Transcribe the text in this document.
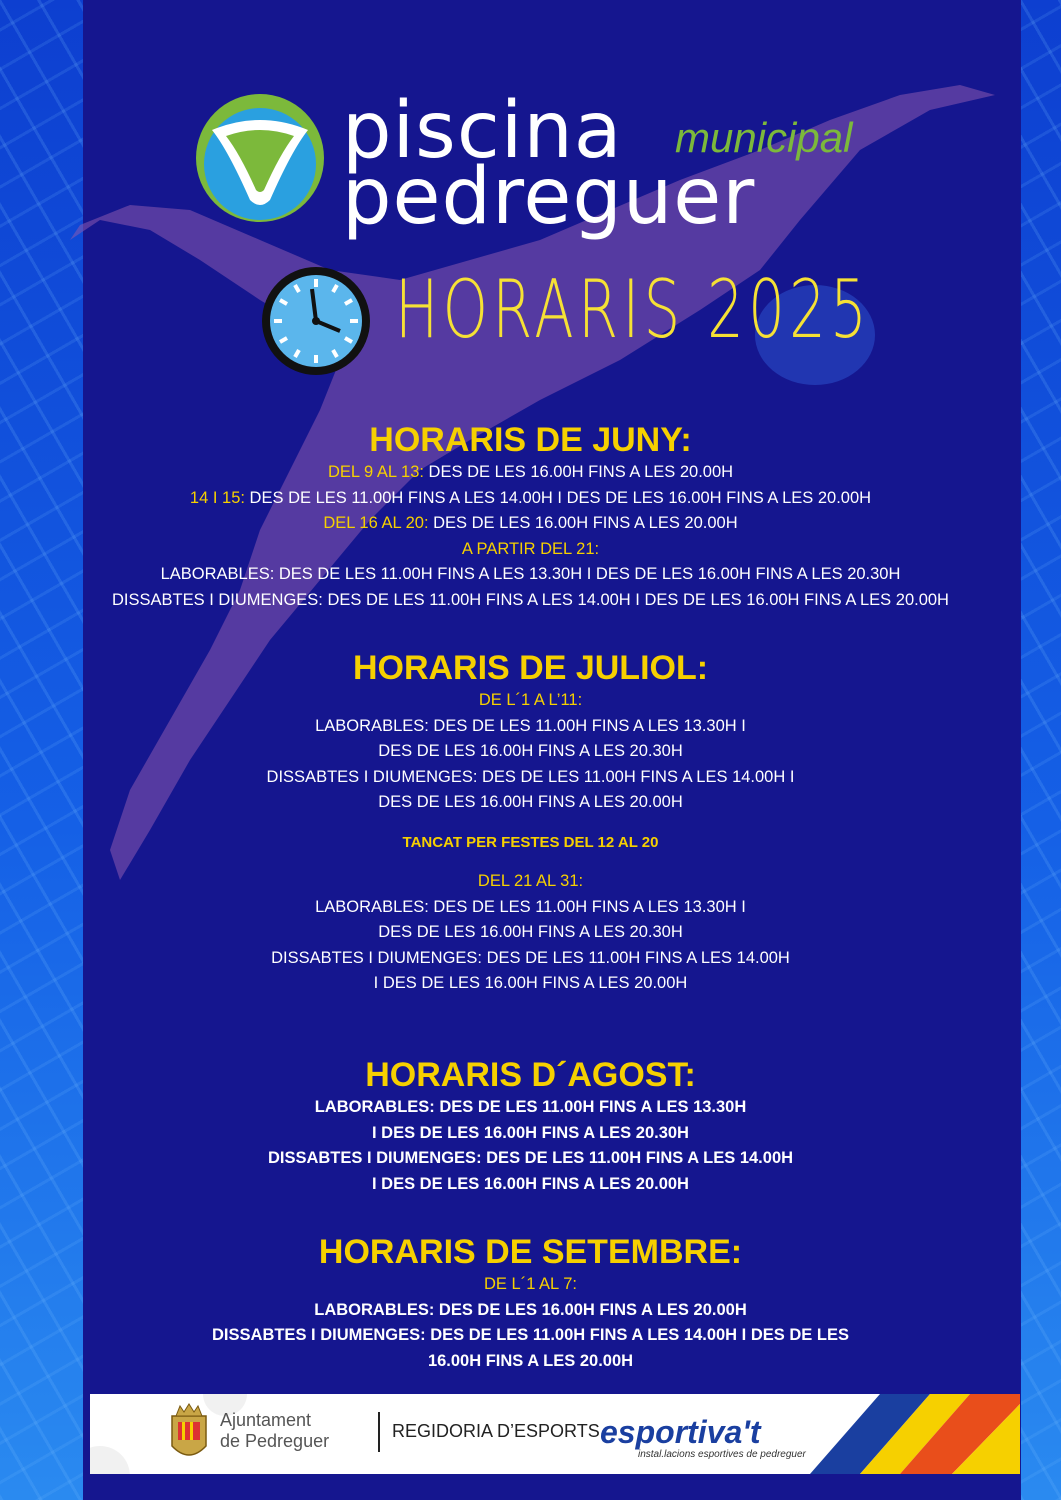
piscina municipal
pedreguer
HORARIS 2025
HORARIS DE JUNY:
DEL 9 AL 13: DES DE LES 16.00H FINS A LES 20.00H
14 I 15: DES DE LES 11.00H FINS A LES 14.00H I DES DE LES 16.00H FINS A LES 20.00H
DEL 16 AL 20: DES DE LES 16.00H FINS A LES 20.00H
A PARTIR DEL 21:
LABORABLES: DES DE LES 11.00H FINS A LES 13.30H I DES DE LES 16.00H FINS A LES 20.30H
DISSABTES I DIUMENGES: DES DE LES 11.00H FINS A LES 14.00H I DES DE LES 16.00H FINS A LES 20.00H
HORARIS DE JULIOL:
DE L´1 A L’11:
LABORABLES: DES DE LES 11.00H FINS A LES 13.30H I
DES DE LES 16.00H FINS A LES 20.30H
DISSABTES I DIUMENGES: DES DE LES 11.00H FINS A LES 14.00H I
DES DE LES 16.00H FINS A LES 20.00H
TANCAT PER FESTES DEL 12 AL 20
DEL 21 AL 31:
LABORABLES: DES DE LES 11.00H FINS A LES 13.30H I
DES DE LES 16.00H FINS A LES 20.30H
DISSABTES I DIUMENGES: DES DE LES 11.00H FINS A LES 14.00H
I DES DE LES 16.00H FINS A LES 20.00H
HORARIS D´AGOST:
LABORABLES: DES DE LES 11.00H FINS A LES 13.30H
I DES DE LES 16.00H FINS A LES 20.30H
DISSABTES I DIUMENGES: DES DE LES 11.00H FINS A LES 14.00H
I DES DE LES 16.00H FINS A LES 20.00H
HORARIS DE SETEMBRE:
DE L´1 AL 7:
LABORABLES: DES DE LES 16.00H FINS A LES 20.00H
DISSABTES I DIUMENGES: DES DE LES 11.00H FINS A LES 14.00H I DES DE LES
16.00H FINS A LES 20.00H
Ajuntament
de Pedreguer	REGIDORIA D’ESPORTS esportiva't
instal.lacions esportives de pedreguer
